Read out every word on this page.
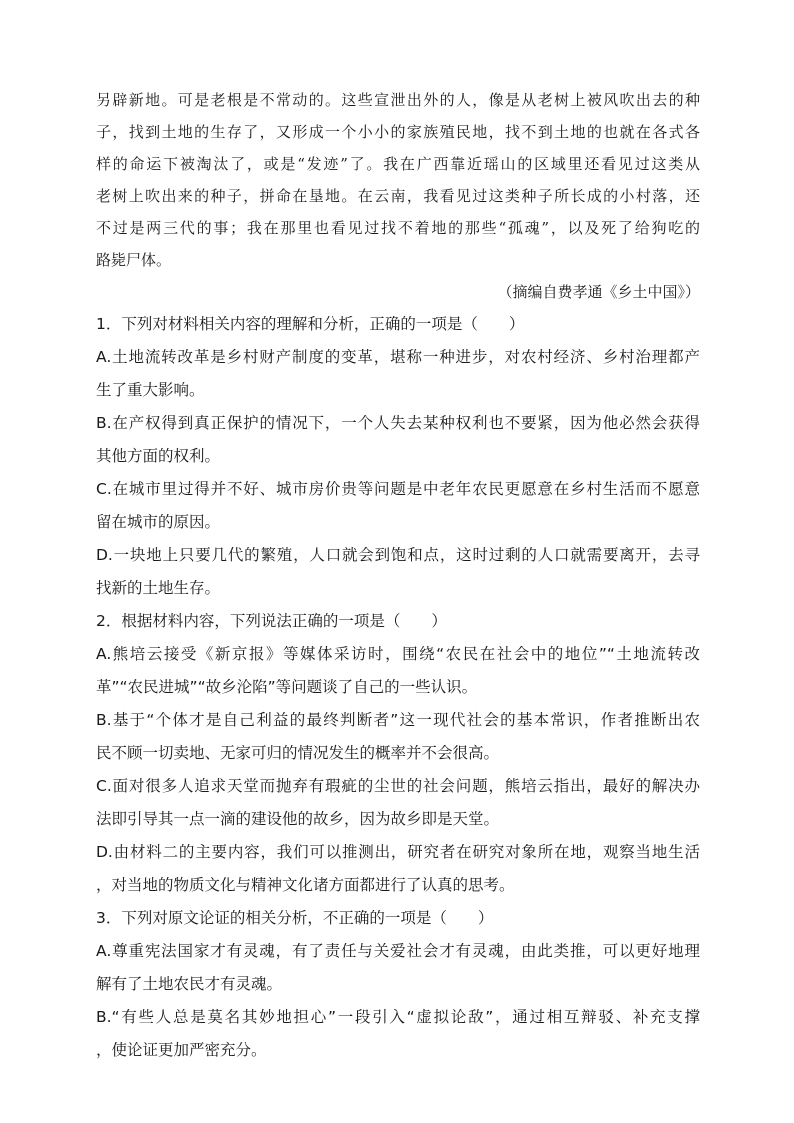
另辟新地。可是老根是不常动的。这些宣泄出外的人，像是从老树上被风吹出去的种
子，找到土地的生存了，又形成一个小小的家族殖民地，找不到土地的也就在各式各
样的命运下被淘汰了，或是“发迹”了。我在广西靠近瑶山的区域里还看见过这类从
老树上吹出来的种子，拼命在垦地。在云南，我看见过这类种子所长成的小村落，还
不过是两三代的事；我在那里也看见过找不着地的那些“孤魂”，以及死了给狗吃的
路毙尸体。
（摘编自费孝通《乡土中国》）
1．下列对材料相关内容的理解和分析，正确的一项是（　　）
A.土地流转改革是乡村财产制度的变革，堪称一种进步，对农村经济、乡村治理都产
生了重大影响。
B.在产权得到真正保护的情况下，一个人失去某种权利也不要紧，因为他必然会获得
其他方面的权利。
C.在城市里过得并不好、城市房价贵等问题是中老年农民更愿意在乡村生活而不愿意
留在城市的原因。
D.一块地上只要几代的繁殖，人口就会到饱和点，这时过剩的人口就需要离开，去寻
找新的土地生存。
2．根据材料内容，下列说法正确的一项是（　　）
A.熊培云接受《新京报》等媒体采访时，围绕“农民在社会中的地位”“土地流转改
革”“农民进城”“故乡沦陷”等问题谈了自己的一些认识。
B.基于“个体才是自己利益的最终判断者”这一现代社会的基本常识，作者推断出农
民不顾一切卖地、无家可归的情况发生的概率并不会很高。
C.面对很多人追求天堂而抛弃有瑕疵的尘世的社会问题，熊培云指出，最好的解决办
法即引导其一点一滴的建设他的故乡，因为故乡即是天堂。
D.由材料二的主要内容，我们可以推测出，研究者在研究对象所在地，观察当地生活
，对当地的物质文化与精神文化诸方面都进行了认真的思考。
3．下列对原文论证的相关分析，不正确的一项是（　　）
A.尊重宪法国家才有灵魂，有了责任与关爱社会才有灵魂，由此类推，可以更好地理
解有了土地农民才有灵魂。
B.“有些人总是莫名其妙地担心”一段引入“虚拟论敌”，通过相互辩驳、补充支撑
，使论证更加严密充分。
